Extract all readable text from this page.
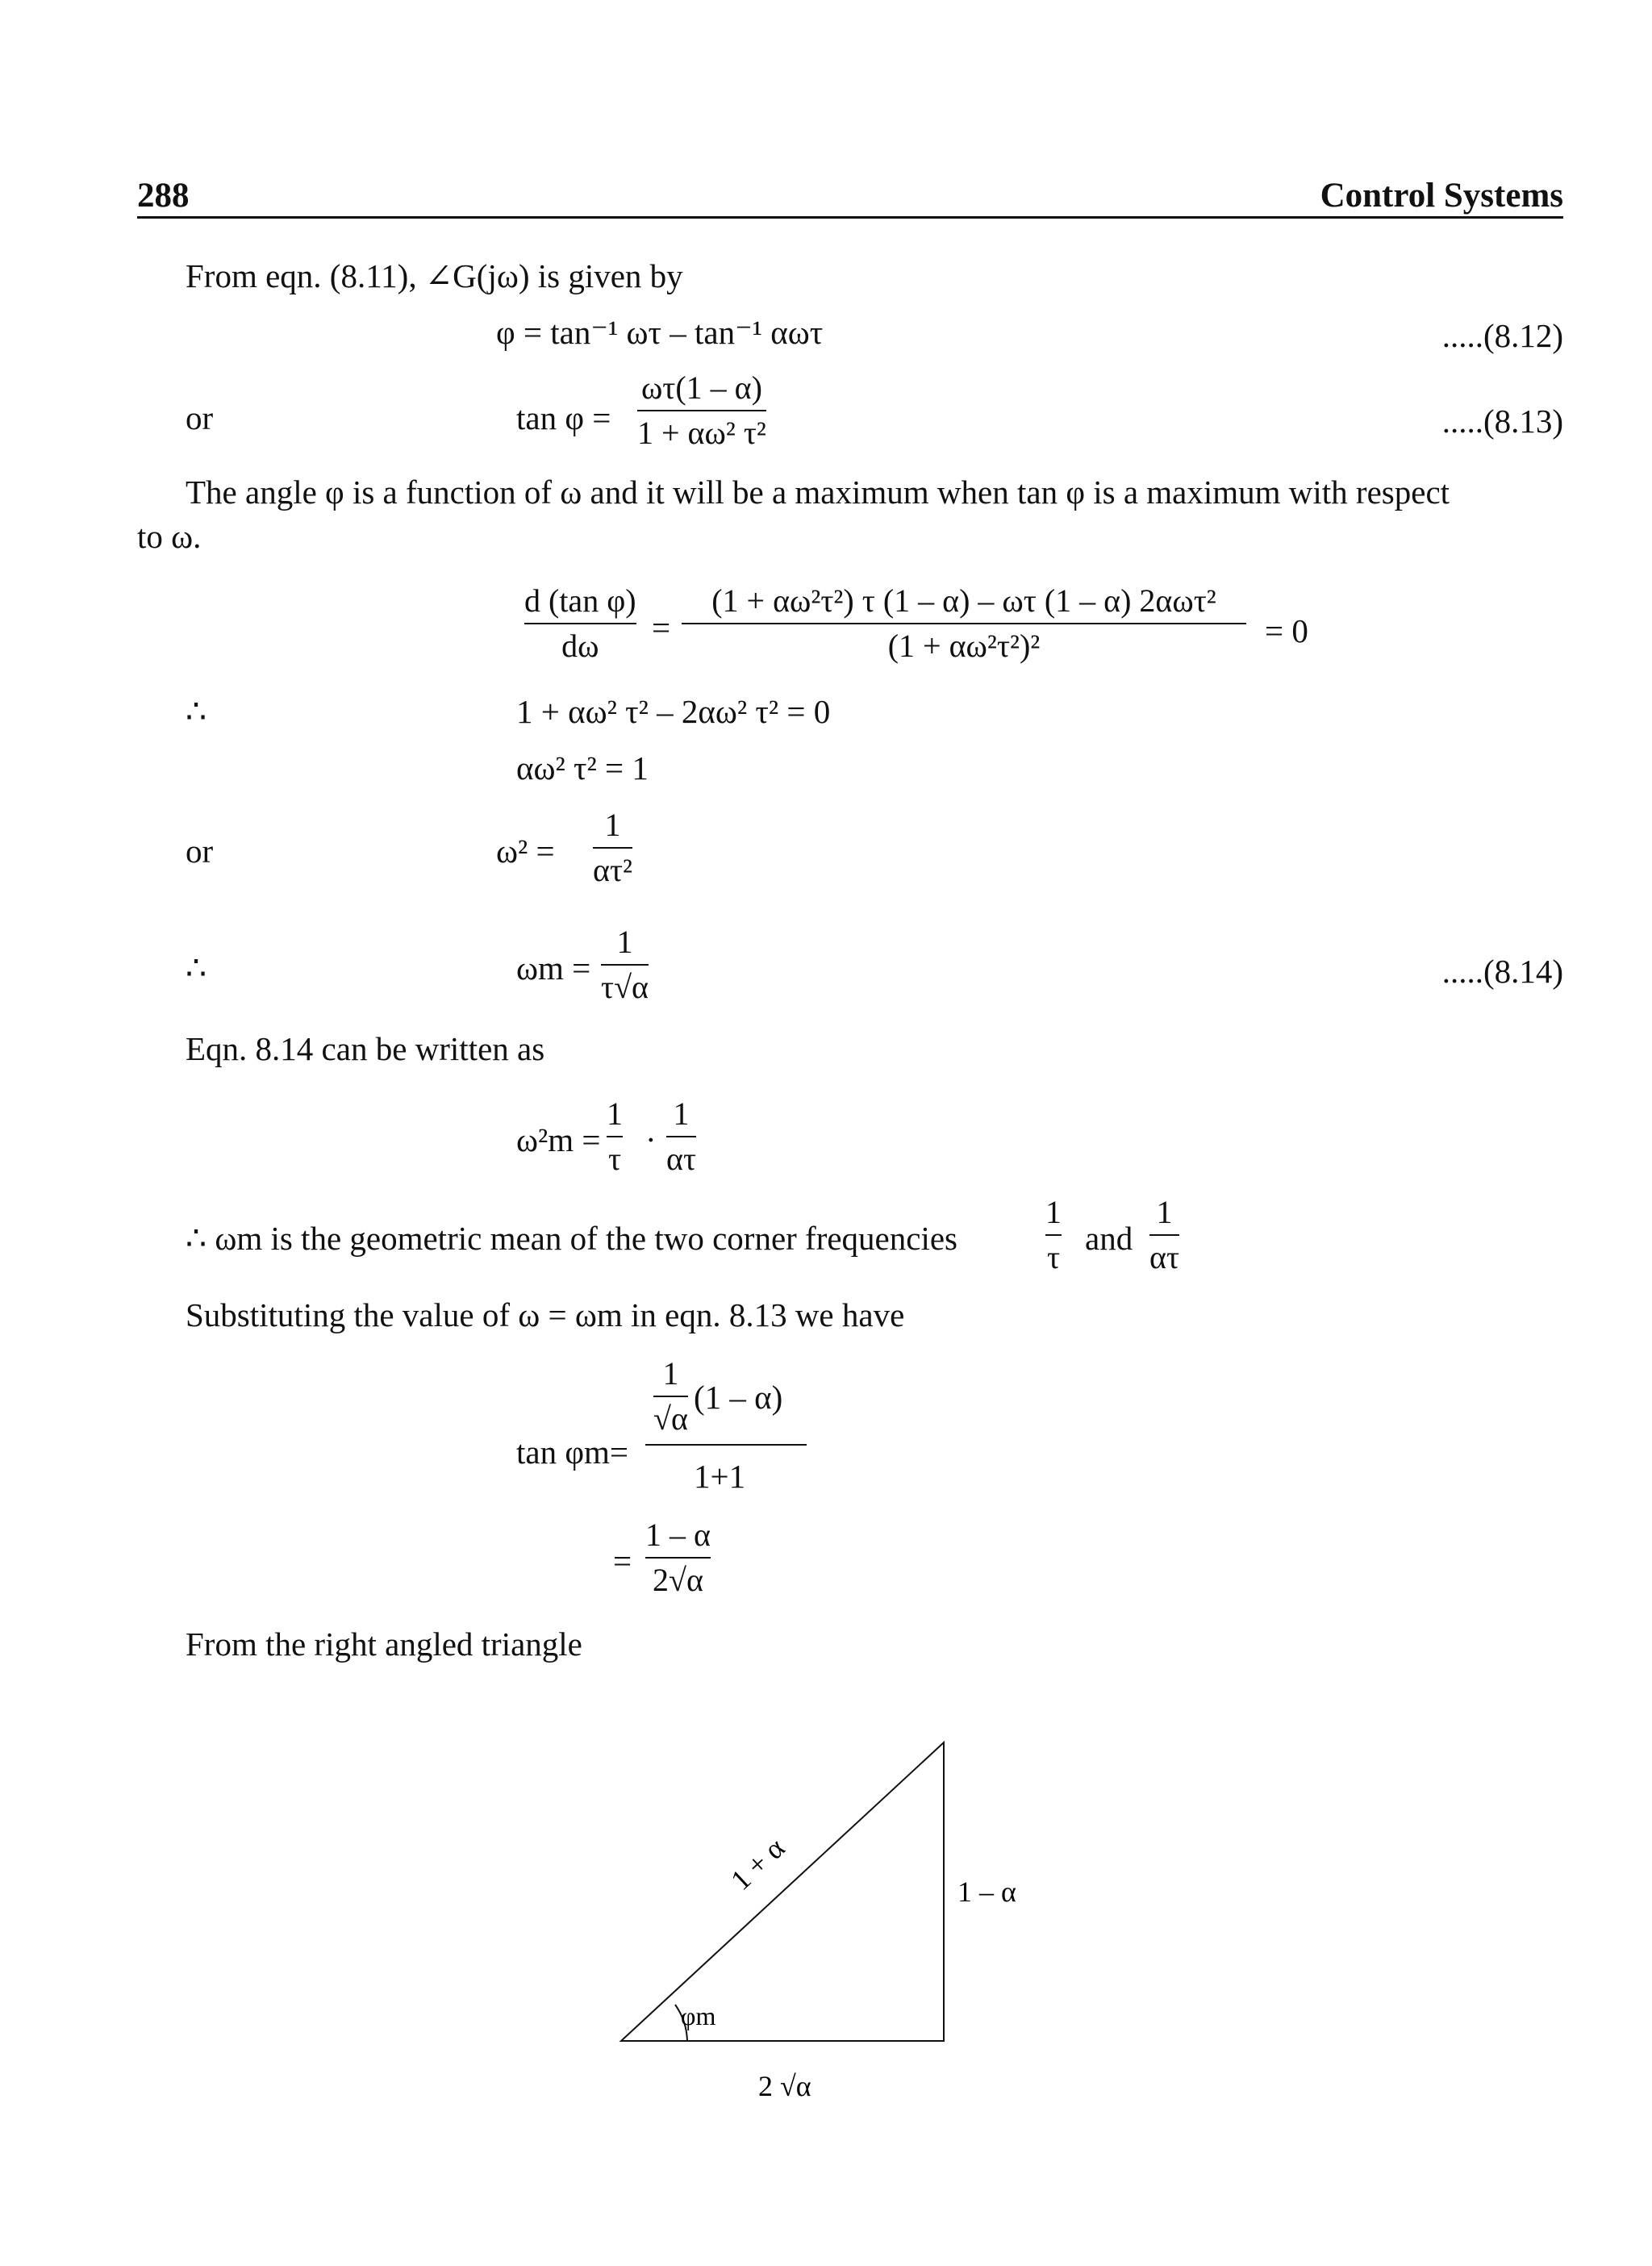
288	Control Systems
From eqn. (8.11), ∠G(jω) is given by
φ = tan⁻¹ ωτ – tan⁻¹ αωτ	.....(8.12)
or	tan φ =
ωτ(1 – α)
1 + αω² τ²	.....(8.13)
The angle φ is a function of ω and it will be a maximum when tan φ is a maximum with respect
to ω.
d (tan φ)
dω	=
(1 + αω²τ²) τ (1 – α) – ωτ (1 – α) 2αωτ²
(1 + αω²τ²)²	= 0
∴	1 + αω² τ² – 2αω² τ² = 0
αω² τ² = 1
or	ω² =
1
ατ²
∴	ωm =
1
τ√α	.....(8.14)
Eqn. 8.14 can be written as
ω²m =
1
τ
·
1
ατ
∴ ωm is the geometric mean of the two corner frequencies
1
τ
and
1
ατ
Substituting the value of ω = ωm in eqn. 8.13 we have
tan φm=
1
√α
(1 – α)
1+1
=
1 – α
2√α
From the right angled triangle
1 + α	1 – α
2 √α
φm
